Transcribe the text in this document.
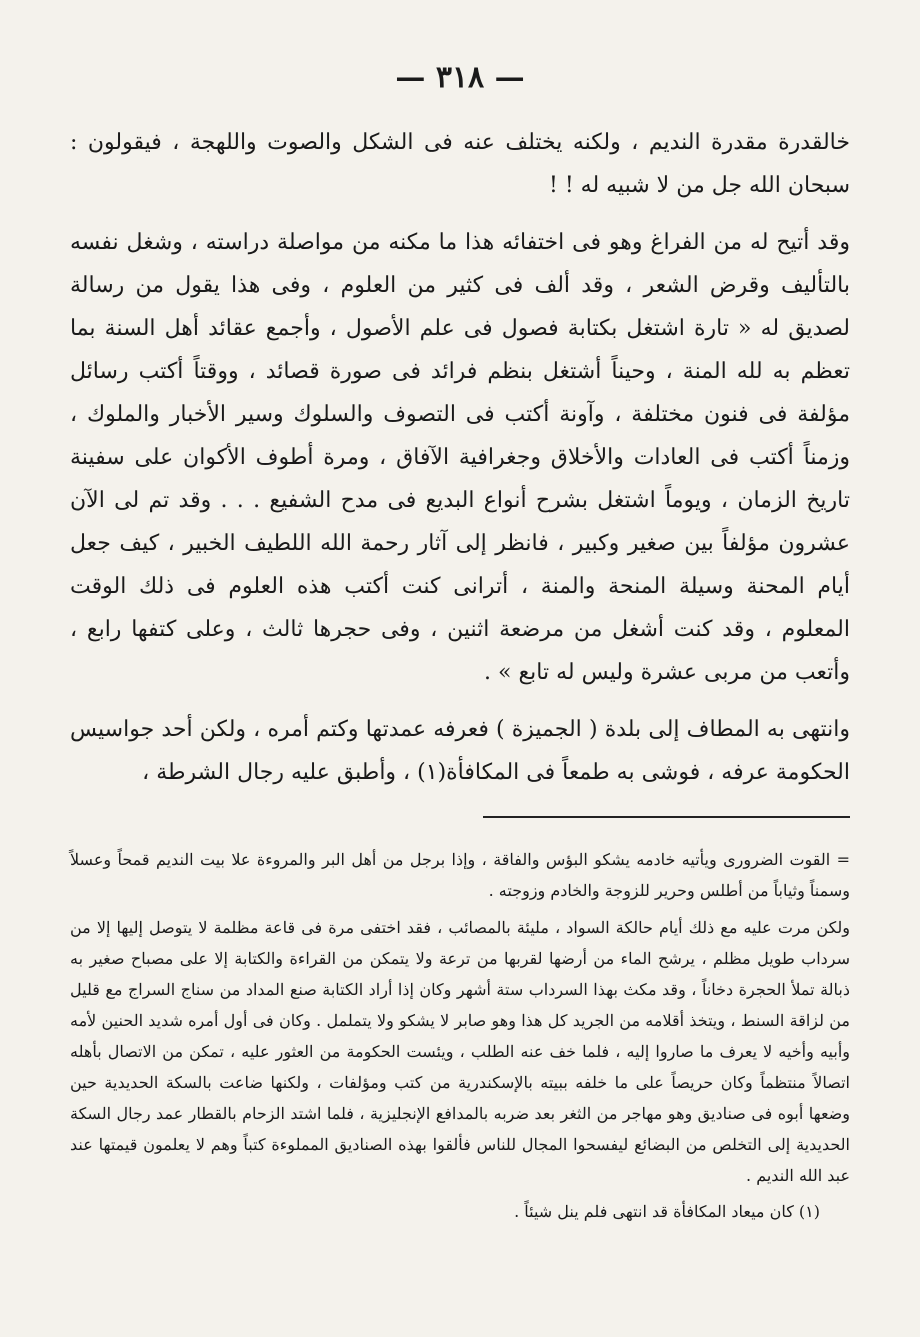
— ٣١٨ —

خالقدرة مقدرة النديم ، ولكنه يختلف عنه فى الشكل والصوت واللهجة ، فيقولون : سبحان الله جل من لا شبيه له ! !

وقد أتيح له من الفراغ وهو فى اختفائه هذا ما مكنه من مواصلة دراسته ، وشغل نفسه بالتأليف وقرض الشعر ، وقد ألف فى كثير من العلوم ، وفى هذا يقول من رسالة لصديق له « تارة اشتغل بكتابة فصول فى علم الأصول ، وأجمع عقائد أهل السنة بما تعظم به لله المنة ، وحيناً أشتغل بنظم فرائد فى صورة قصائد ، ووقتاً أكتب رسائل مؤلفة فى فنون مختلفة ، وآونة أكتب فى التصوف والسلوك وسير الأخبار والملوك ، وزمناً أكتب فى العادات والأخلاق وجغرافية الآفاق ، ومرة أطوف الأكوان على سفينة تاريخ الزمان ، ويوماً اشتغل بشرح أنواع البديع فى مدح الشفيع . . . وقد تم لى الآن عشرون مؤلفاً بين صغير وكبير ، فانظر إلى آثار رحمة الله اللطيف الخبير ، كيف جعل أيام المحنة وسيلة المنحة والمنة ، أترانى كنت أكتب هذه العلوم فى ذلك الوقت المعلوم ، وقد كنت أشغل من مرضعة اثنين ، وفى حجرها ثالث ، وعلى كتفها رابع ، وأتعب من مربى عشرة وليس له تابع » .

وانتهى به المطاف إلى بلدة ( الجميزة ) فعرفه عمدتها وكتم أمره ، ولكن أحد جواسيس الحكومة عرفه ، فوشى به طمعاً فى المكافأة(١) ، وأطبق عليه رجال الشرطة ،

= القوت الضرورى ويأتيه خادمه يشكو البؤس والفاقة ، وإذا برجل من أهل البر والمروءة علا بيت النديم قمحاً وعسلاً وسمناً وثياباً من أطلس وحرير للزوجة والخادم وزوجته .

ولكن مرت عليه مع ذلك أيام حالكة السواد ، مليئة بالمصائب ، فقد اختفى مرة فى قاعة مظلمة لا يتوصل إليها إلا من سرداب طويل مظلم ، يرشح الماء من أرضها لقربها من ترعة ولا يتمكن من القراءة والكتابة إلا على مصباح صغير به ذبالة تملأ الحجرة دخاناً ، وقد مكث بهذا السرداب ستة أشهر وكان إذا أراد الكتابة صنع المداد من سناج السراج مع قليل من لزاقة السنط ، ويتخذ أقلامه من الجريد كل هذا وهو صابر لا يشكو ولا يتململ . وكان فى أول أمره شديد الحنين لأمه وأبيه وأخيه لا يعرف ما صاروا إليه ، فلما خف عنه الطلب ، ويئست الحكومة من العثور عليه ، تمكن من الاتصال بأهله اتصالاً منتظماً وكان حريصاً على ما خلفه ببيته بالإسكندرية من كتب ومؤلفات ، ولكنها ضاعت بالسكة الحديدية حين وضعها أبوه فى صناديق وهو مهاجر من الثغر بعد ضربه بالمدافع الإنجليزية ، فلما اشتد الزحام بالقطار عمد رجال السكة الحديدية إلى التخلص من البضائع ليفسحوا المجال للناس فألقوا بهذه الصناديق المملوءة كتباً وهم لا يعلمون قيمتها عند عبد الله النديم .

(١) كان ميعاد المكافأة قد انتهى فلم ينل شيئاً .
